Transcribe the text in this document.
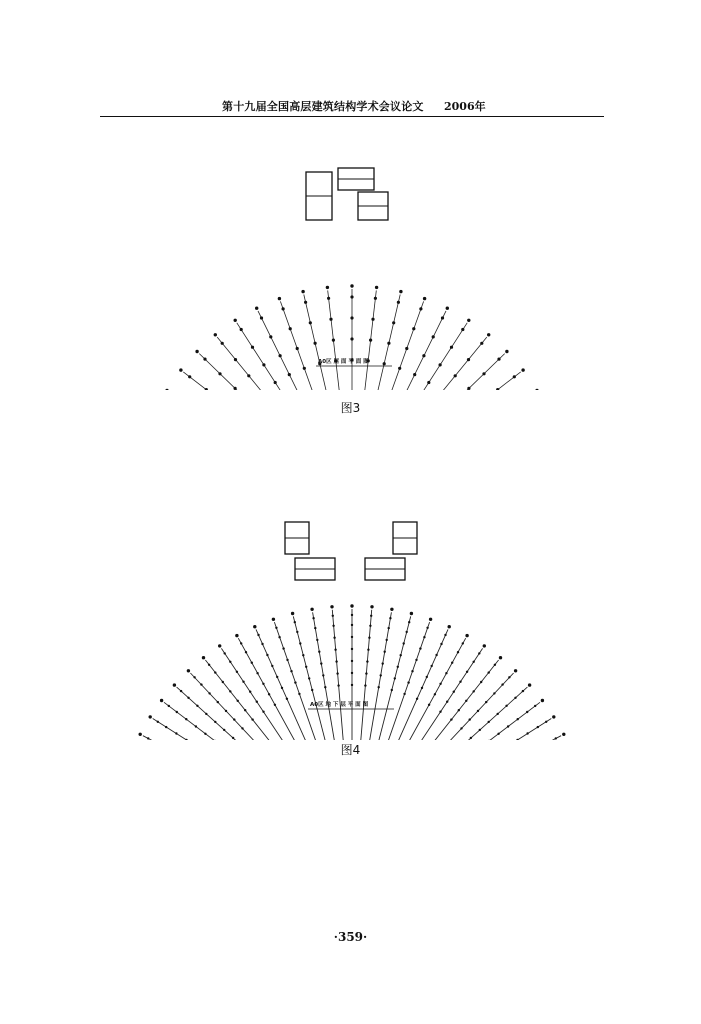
第十九届全国高层建筑结构学术会议论文 2006年
A0区 屋 面 平 面 图
图3
A0区 地 下 层 平 面 图
图4
·359·
